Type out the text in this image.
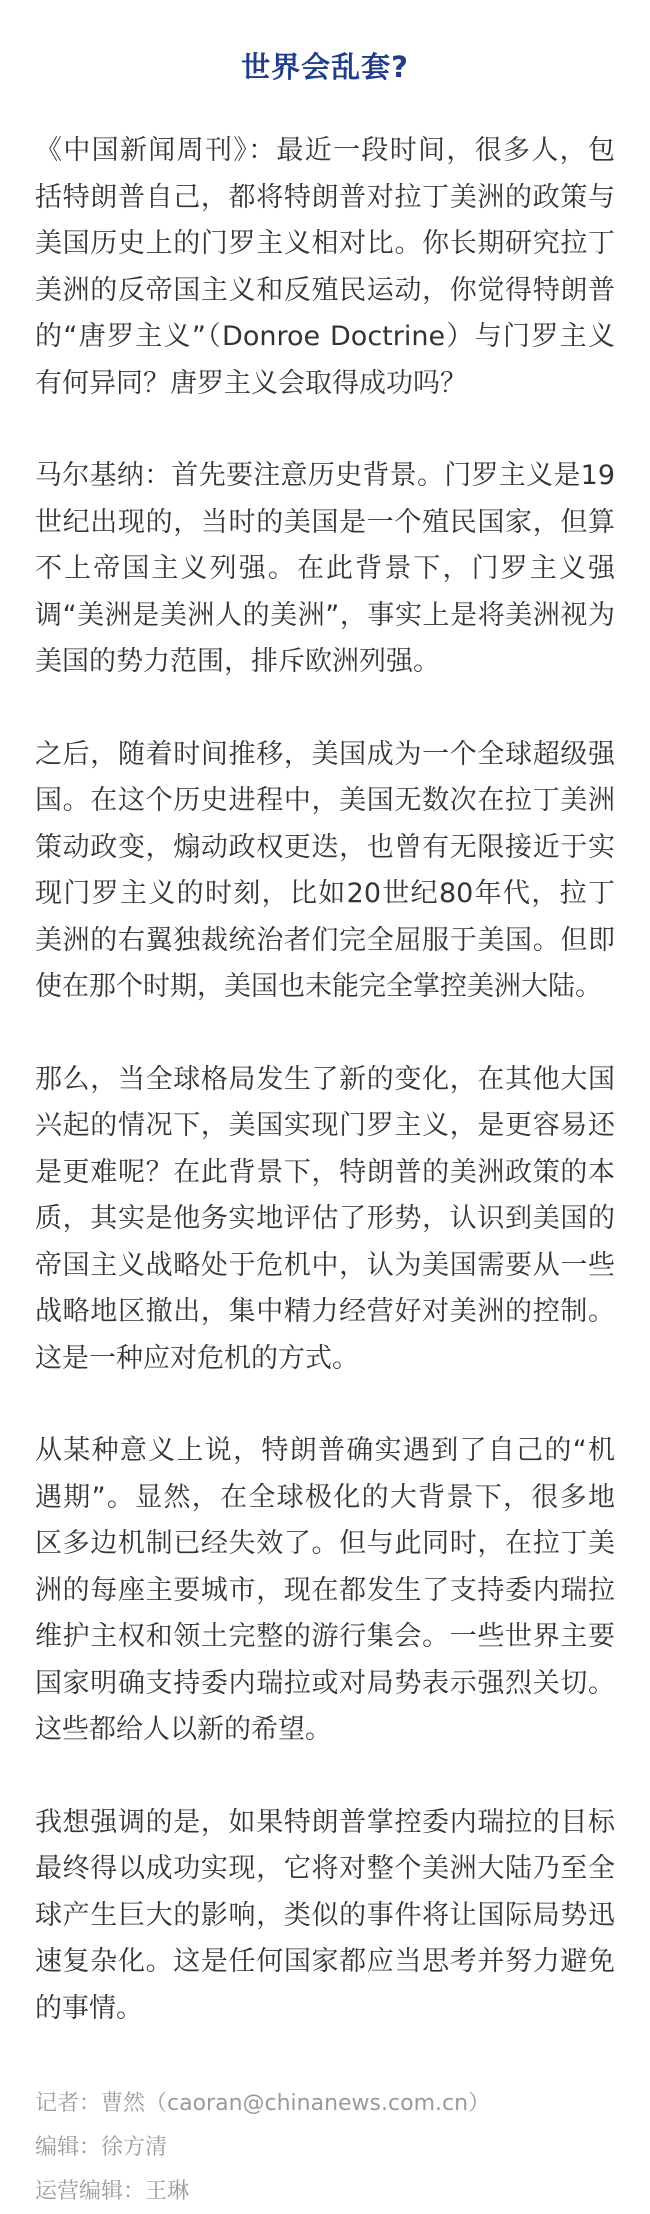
世界会乱套?

《中国新闻周刊》：最近一段时间，很多人，包括特朗普自己，都将特朗普对拉丁美洲的政策与美国历史上的门罗主义相对比。你长期研究拉丁美洲的反帝国主义和反殖民运动，你觉得特朗普的“唐罗主义”（Donroe Doctrine）与门罗主义有何异同？唐罗主义会取得成功吗？

马尔基纳：首先要注意历史背景。门罗主义是19世纪出现的，当时的美国是一个殖民国家，但算不上帝国主义列强。在此背景下，门罗主义强调“美洲是美洲人的美洲”，事实上是将美洲视为美国的势力范围，排斥欧洲列强。

之后，随着时间推移，美国成为一个全球超级强国。在这个历史进程中，美国无数次在拉丁美洲策动政变，煽动政权更迭，也曾有无限接近于实现门罗主义的时刻，比如20世纪80年代，拉丁美洲的右翼独裁统治者们完全屈服于美国。但即使在那个时期，美国也未能完全掌控美洲大陆。

那么，当全球格局发生了新的变化，在其他大国兴起的情况下，美国实现门罗主义，是更容易还是更难呢？在此背景下，特朗普的美洲政策的本质，其实是他务实地评估了形势，认识到美国的帝国主义战略处于危机中，认为美国需要从一些战略地区撤出，集中精力经营好对美洲的控制。这是一种应对危机的方式。

从某种意义上说，特朗普确实遇到了自己的“机遇期”。显然，在全球极化的大背景下，很多地区多边机制已经失效了。但与此同时，在拉丁美洲的每座主要城市，现在都发生了支持委内瑞拉维护主权和领土完整的游行集会。一些世界主要国家明确支持委内瑞拉或对局势表示强烈关切。这些都给人以新的希望。

我想强调的是，如果特朗普掌控委内瑞拉的目标最终得以成功实现，它将对整个美洲大陆乃至全球产生巨大的影响，类似的事件将让国际局势迅速复杂化。这是任何国家都应当思考并努力避免的事情。

记者：曹然（caoran@chinanews.com.cn）
编辑：徐方清
运营编辑：王琳
